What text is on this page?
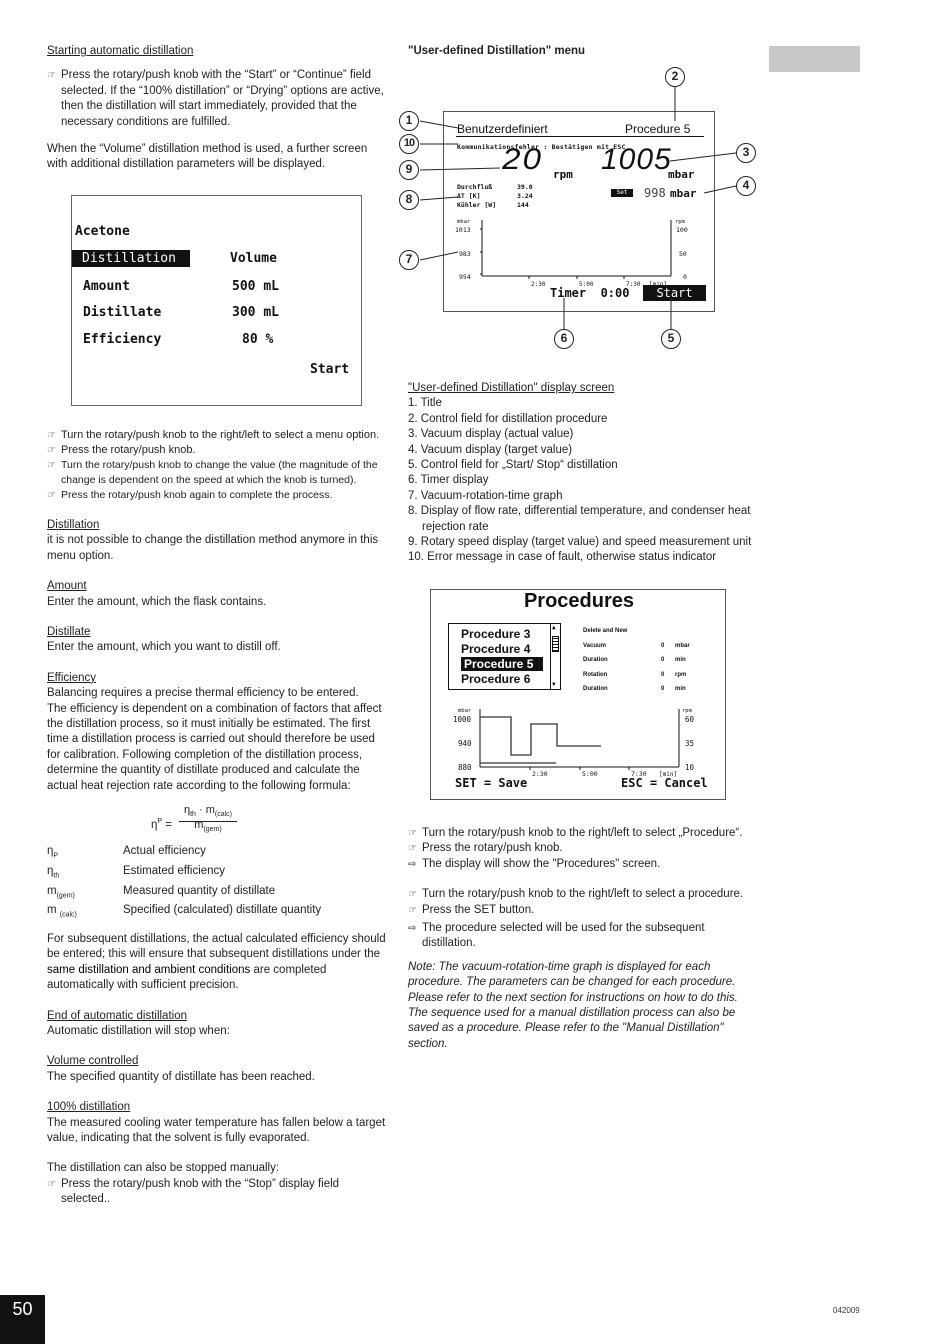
Starting automatic distillation

☞ Press the rotary/push knob with the “Start” or “Continue” field selected. If the “100% distillation” or “Drying” options are active, then the distillation will start immediately, provided that the necessary conditions are fulfilled.

When the “Volume” distillation method is used, a further screen with additional distillation parameters will be displayed.

Acetone
Distillation :
Volume
Amount	500 mL
Distillate	300 mL
Efficiency	80 %
Start
☞ Turn the rotary/push knob to the right/left to select a menu option.
☞ Press the rotary/push knob.
☞ Turn the rotary/push knob to change the value (the magnitude of the change is dependent on the speed at which the knob is turned).
☞ Press the rotary/push knob again to complete the process.

Distillation

it is not possible to change the distillation method anymore in this menu option.

Amount

Enter the amount, which the flask contains.

Distillate

Enter the amount, which you want to distill off.

Efficiency

Balancing requires a precise thermal efficiency to be entered.

The efficiency is dependent on a combination of factors that affect the distillation process, so it must initially be estimated. The first time a distillation process is carried out should therefore be used for calibration. Following completion of the distillation process, determine the quantity of distillate produced and calculate the actual heat rejection rate according to the following formula:

$\eta^P$ =
$\eta_{th} \cdot m_{(calc)}$
$m_{(gem)}$
$\eta_P$	Actual efficiency
$\eta_{th}$	Estimated efficiency
$m_{(gem)}$	Measured quantity of distillate
m $_{(calc)}$	Specified (calculated) distillate quantity

For subsequent distillations, the actual calculated efficiency should be entered; this will ensure that subsequent distillations under the same distillation and ambient conditions are completed automatically with sufficient precision.

End of automatic distillation

Automatic distillation will stop when:

Volume controlled

The specified quantity of distillate has been reached.

100% distillation

The measured cooling water temperature has fallen below a target value, indicating that the solvent is fully evaporated.

The distillation can also be stopped manually:

☞ Press the rotary/push knob with the “Stop” display field selected..

"User-defined Distillation" menu

Benutzerdefiniert	Procedure 5
Kommunikationsfehler : Bestätigen mit ESC
20 rpm 1005
mbar
Set	998 mbar
Durchfluß	39.0
ΔT [K]	3.24
Kühler [W]	144
mbar	rpm
1013
983
954
100
50
0
2:30	5:00	7:30
Timer 0:00	Start
1
2
3
4
5
6
7
8
9
10

"User-defined Distillation" display screen

1. Title

2. Control field for distillation procedure

3. Vacuum display (actual value)

4. Vacuum display (target value)

5. Control field for „Start/ Stop“ distillation

6. Timer display

7. Vacuum-rotation-time graph

8. Display of flow rate, differential temperature, and condenser heat rejection rate

9. Rotary speed display (target value) and speed measurement unit

10. Error message in case of fault, otherwise status indicator

Procedures
Procedure 3
Procedure 4
Procedure 5
Procedure 6
▲
▼
Delete and New
Vacuum	0 mbar
Duration	0 min
Rotation	0 rpm
Duration	0 min
mbar	rpm
1000
940
880
60
35
10
2:30	5:00	7:30 [min]
SET = Save	ESC = Cancel
☞ Turn the rotary/push knob to the right/left to select „Procedure“.
☞ Press the rotary/push knob.
⇨ The display will show the "Procedures" screen.
☞ Turn the rotary/push knob to the right/left to select a procedure.
☞ Press the SET button.
⇨ The procedure selected will be used for the subsequent distillation.

Note: The vacuum-rotation-time graph is displayed for each procedure. The parameters can be changed for each procedure. Please refer to the next section for instructions on how to do this. The sequence used for a manual distillation process can also be saved as a procedure. Please refer to the "Manual Distillation" section.

50	042009
